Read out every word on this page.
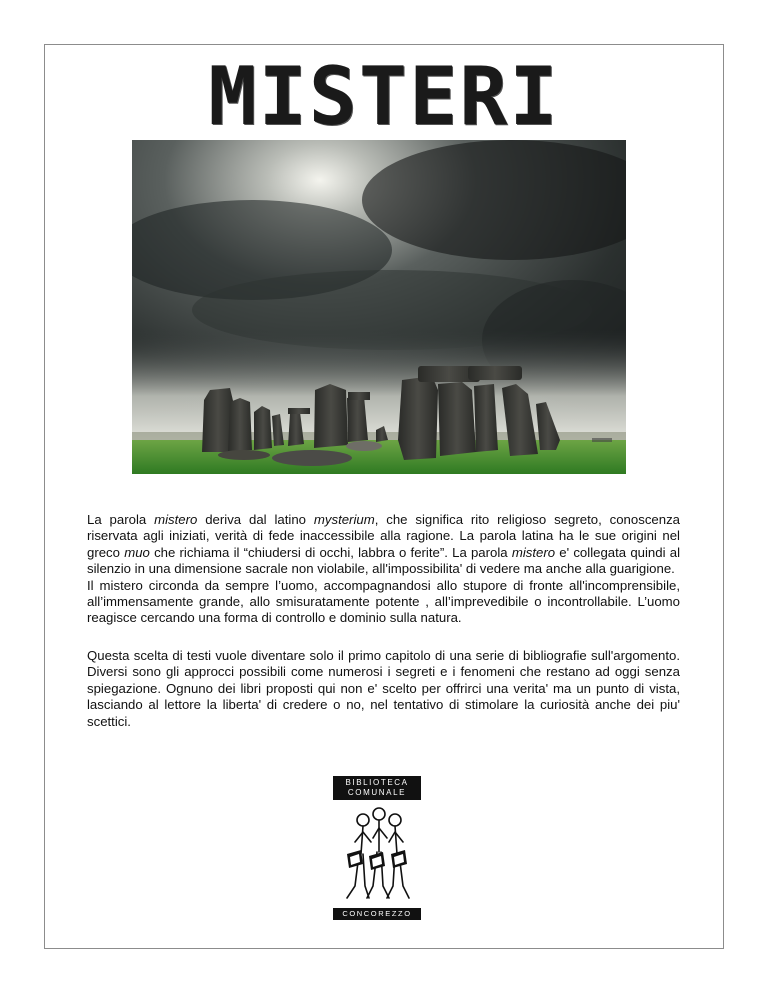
MISTERI

La parola mistero deriva dal latino mysterium, che significa rito religioso segreto, conoscenza riservata agli iniziati, verità di fede inaccessibile alla ragione. La parola latina ha le sue origini nel greco muo che richiama il “chiudersi di occhi, labbra o ferite”. La parola mistero e' collegata quindi al silenzio in una dimensione sacrale non violabile, all'impossibilita' di vedere ma anche alla guarigione.

Il mistero circonda da sempre l’uomo, accompagnandosi allo stupore di fronte all'incomprensibile, all’immensamente grande, allo smisuratamente potente , all’imprevedibile o incontrollabile. L’uomo reagisce cercando una forma di controllo e dominio sulla natura.

Questa scelta di testi vuole diventare solo il primo capitolo di una serie di bibliografie sull'argomento. Diversi sono gli approcci possibili come numerosi i segreti e i fenomeni che restano ad oggi senza spiegazione. Ognuno dei libri proposti qui non e' scelto per offrirci una verita' ma un punto di vista, lasciando al lettore la liberta' di credere o no, nel tentativo di stimolare la curiosità anche dei piu' scettici.

BIBLIOTECA
COMUNALE
CONCOREZZO
